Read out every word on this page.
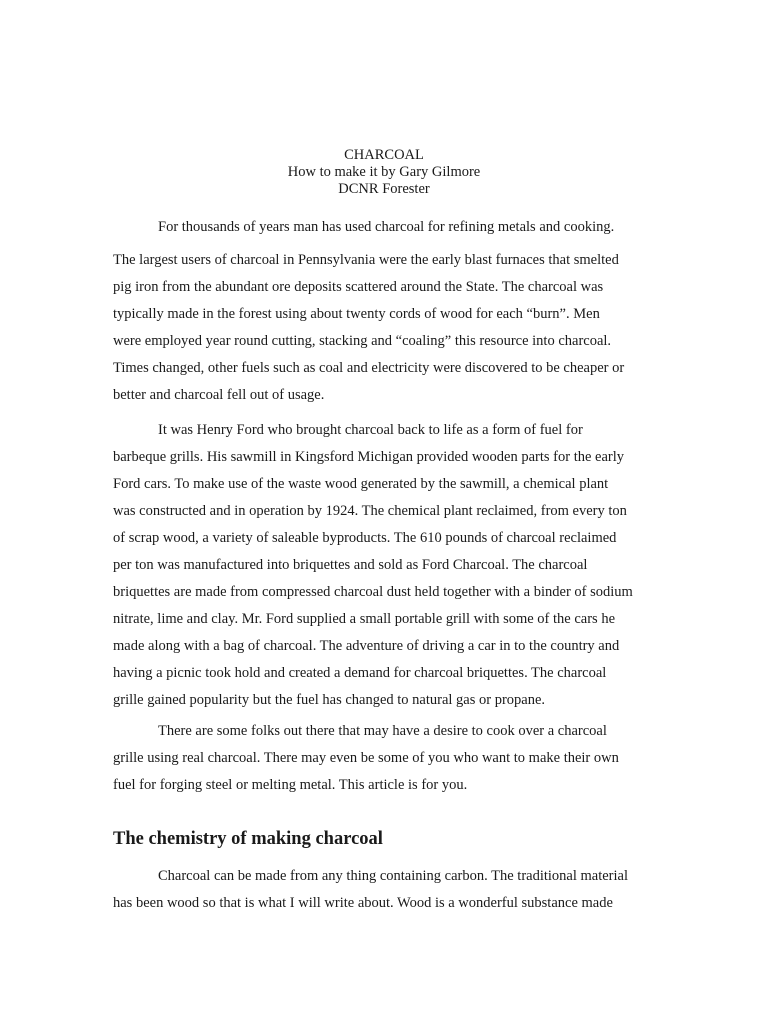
CHARCOAL
How to make it by Gary Gilmore
DCNR Forester
For thousands of years man has used charcoal for refining metals and cooking.
The largest users of charcoal in Pennsylvania were the early blast furnaces that smelted
pig iron from the abundant ore deposits scattered around the State. The charcoal was
typically made in the forest using about twenty cords of wood for each “burn”. Men
were employed year round cutting, stacking and “coaling” this resource into charcoal.
Times changed, other fuels such as coal and electricity were discovered to be cheaper or
better and charcoal fell out of usage.
It was Henry Ford who brought charcoal back to life as a form of fuel for
barbeque grills. His sawmill in Kingsford Michigan provided wooden parts for the early
Ford cars. To make use of the waste wood generated by the sawmill, a chemical plant
was constructed and in operation by 1924. The chemical plant reclaimed, from every ton
of scrap wood, a variety of saleable byproducts. The 610 pounds of charcoal reclaimed
per ton was manufactured into briquettes and sold as Ford Charcoal. The charcoal
briquettes are made from compressed charcoal dust held together with a binder of sodium
nitrate, lime and clay. Mr. Ford supplied a small portable grill with some of the cars he
made along with a bag of charcoal. The adventure of driving a car in to the country and
having a picnic took hold and created a demand for charcoal briquettes. The charcoal
grille gained popularity but the fuel has changed to natural gas or propane.
There are some folks out there that may have a desire to cook over a charcoal
grille using real charcoal. There may even be some of you who want to make their own
fuel for forging steel or melting metal. This article is for you.
The chemistry of making charcoal
Charcoal can be made from any thing containing carbon. The traditional material
has been wood so that is what I will write about. Wood is a wonderful substance made
